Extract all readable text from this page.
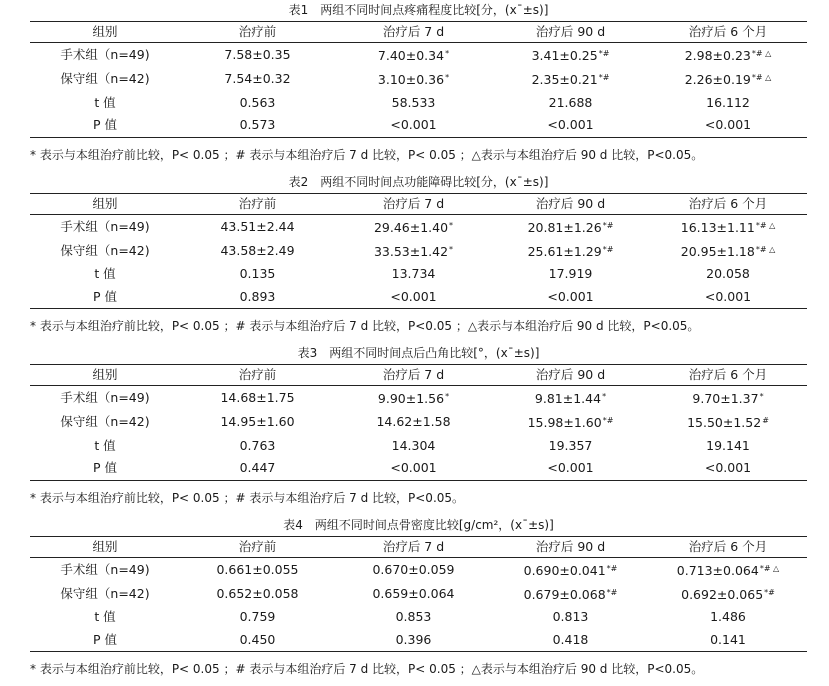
表1　两组不同时间点疼痛程度比较[分，(x¯±s)]
组别	治疗前	治疗后 7 d	治疗后 90 d	治疗后 6 个月
手术组（n=49)	7.58±0.35	7.40±0.34*	3.41±0.25*#	2.98±0.23*# △
保守组（n=42)	7.54±0.32	3.10±0.36*	2.35±0.21*#	2.26±0.19*# △
t 值	0.563	58.533	21.688	16.112
P 值	0.573	<0.001	<0.001	<0.001
* 表示与本组治疗前比较，P< 0.05 ；# 表示与本组治疗后 7 d 比较，P< 0.05 ；△表示与本组治疗后 90 d 比较，P<0.05。
表2　两组不同时间点功能障碍比较[分，(x¯±s)]
组别	治疗前	治疗后 7 d	治疗后 90 d	治疗后 6 个月
手术组（n=49)	43.51±2.44	29.46±1.40*	20.81±1.26*#	16.13±1.11*# △
保守组（n=42)	43.58±2.49	33.53±1.42*	25.61±1.29*#	20.95±1.18*# △
t 值	0.135	13.734	17.919	20.058
P 值	0.893	<0.001	<0.001	<0.001
* 表示与本组治疗前比较，P< 0.05 ；# 表示与本组治疗后 7 d 比较，P<0.05 ；△表示与本组治疗后 90 d 比较，P<0.05。
表3　两组不同时间点后凸角比较[°，(x¯±s)]
组别	治疗前	治疗后 7 d	治疗后 90 d	治疗后 6 个月
手术组（n=49)	14.68±1.75	9.90±1.56*	9.81±1.44*	9.70±1.37*
保守组（n=42)	14.95±1.60	14.62±1.58	15.98±1.60*#	15.50±1.52#
t 值	0.763	14.304	19.357	19.141
P 值	0.447	<0.001	<0.001	<0.001
* 表示与本组治疗前比较，P< 0.05 ；# 表示与本组治疗后 7 d 比较，P<0.05。
表4　两组不同时间点骨密度比较[g/cm²，(x¯±s)]
组别	治疗前	治疗后 7 d	治疗后 90 d	治疗后 6 个月
手术组（n=49)	0.661±0.055	0.670±0.059	0.690±0.041*#	0.713±0.064*# △
保守组（n=42)	0.652±0.058	0.659±0.064	0.679±0.068*#	0.692±0.065*#
t 值	0.759	0.853	0.813	1.486
P 值	0.450	0.396	0.418	0.141
* 表示与本组治疗前比较，P< 0.05 ；# 表示与本组治疗后 7 d 比较，P< 0.05 ；△表示与本组治疗后 90 d 比较，P<0.05。
